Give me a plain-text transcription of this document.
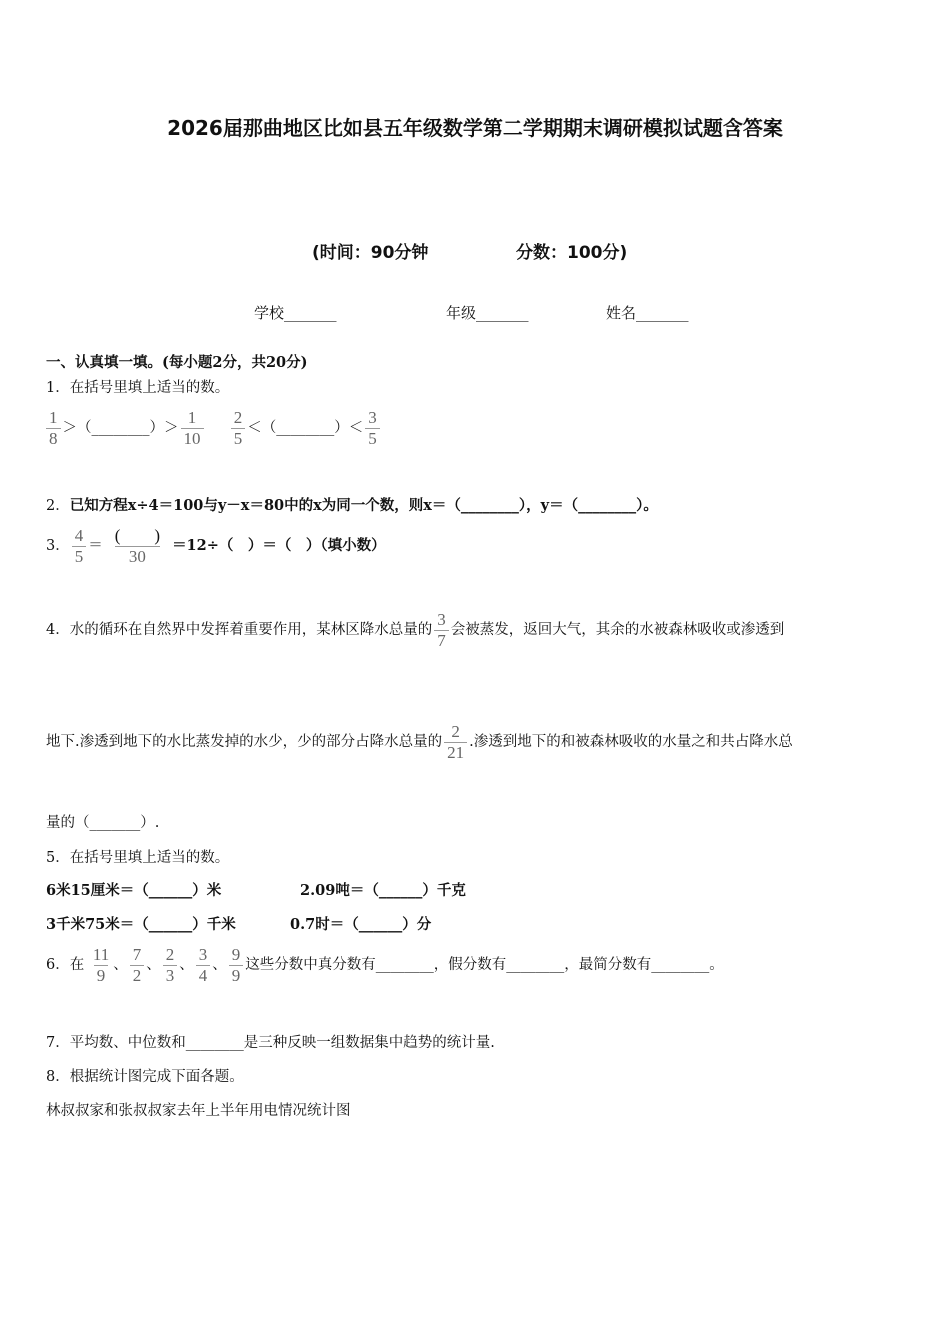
2026届那曲地区比如县五年级数学第二学期期末调研模拟试题含答案
(时间：90分钟	分数：100分)
学校_______	年级_______	姓名_______
一、认真填一填。(每小题2分，共20分)
1．在括号里填上适当的数。
$\frac{1}{8}$ ＞（________）＞ $\frac{1}{10}$
$\frac{2}{5}$ ＜（________）＜ $\frac{3}{5}$
2．已知方程x÷4＝100与y－x＝80中的x为同一个数，则x＝（________），y＝（________）。
3． $\frac{4}{5} = \frac{( )}{30} =12\div$（　）＝（　）（填小数）
4．水的循环在自然界中发挥着重要作用，某林区降水总量的 $\frac{3}{7}$ 会被蒸发，返回大气，其余的水被森林吸收或渗透到
地下.渗透到地下的水比蒸发掉的水少，少的部分占降水总量的 $\frac{2}{21}$ .渗透到地下的和被森林吸收的水量之和共占降水总
量的（_______）.
5．在括号里填上适当的数。
6米15厘米＝（______）米	2.09吨＝（______）千克
3千米75米＝（______）千米	0.7时＝（______）分
6．在 $\frac{11}{9}$ 、 $\frac{7}{2}$ 、 $\frac{2}{3}$ 、 $\frac{3}{4}$ 、 $\frac{9}{9}$ 这些分数中真分数有________，假分数有________，最简分数有________。
7．平均数、中位数和________是三种反映一组数据集中趋势的统计量.
8．根据统计图完成下面各题。
林叔叔家和张叔叔家去年上半年用电情况统计图
